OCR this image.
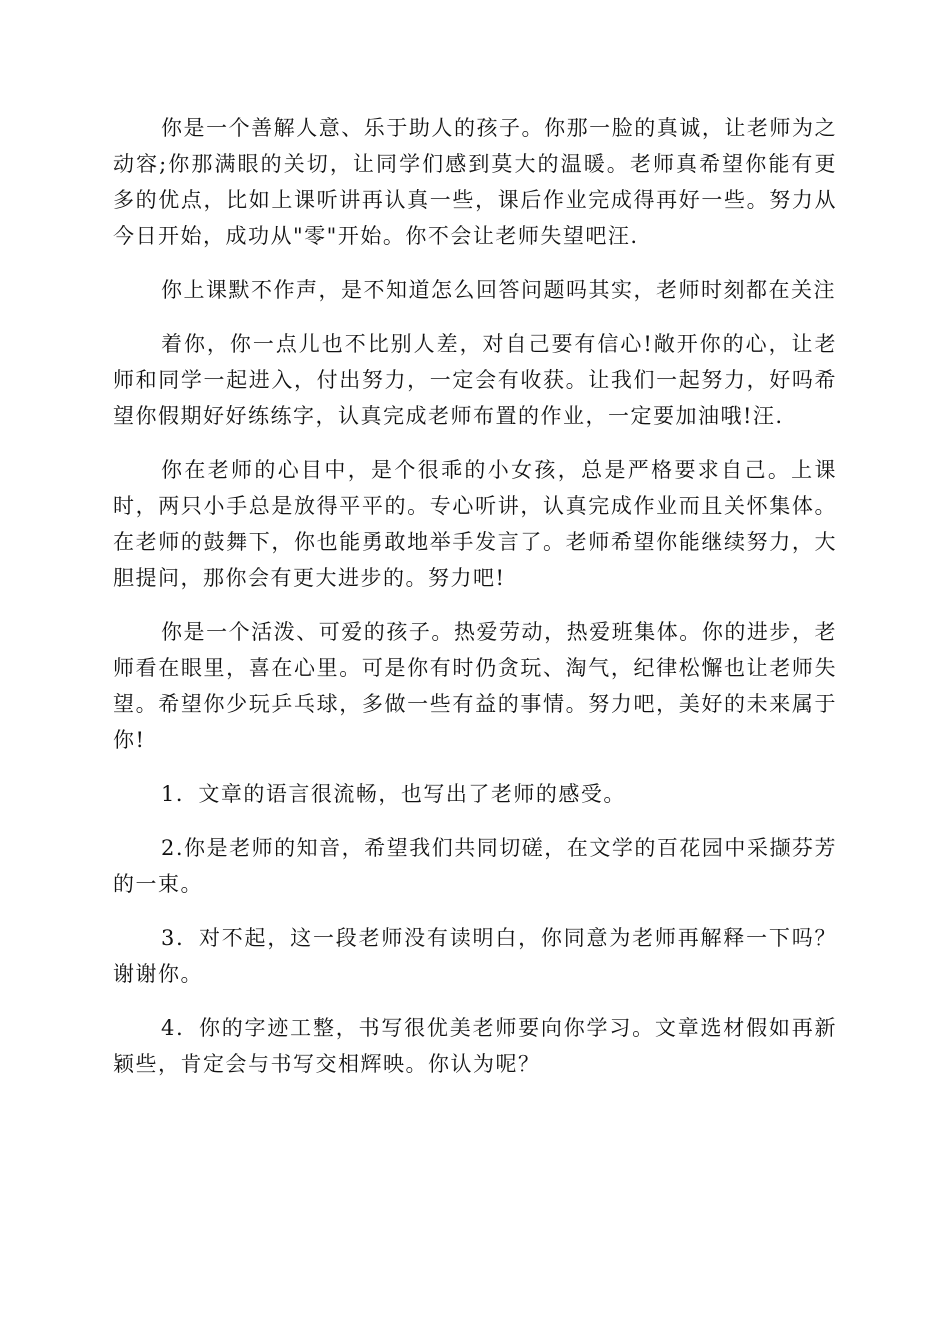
你是一个善解人意、乐于助人的孩子。你那一脸的真诚，让老师为之动容;你那满眼的关切，让同学们感到莫大的温暖。老师真希望你能有更多的优点，比如上课听讲再认真一些，课后作业完成得再好一些。努力从今日开始，成功从"零"开始。你不会让老师失望吧汪.

你上课默不作声，是不知道怎么回答问题吗其实，老师时刻都在关注

着你，你一点儿也不比别人差，对自己要有信心!敞开你的心，让老师和同学一起进入，付出努力，一定会有收获。让我们一起努力，好吗希望你假期好好练练字，认真完成老师布置的作业，一定要加油哦!汪.

你在老师的心目中，是个很乖的小女孩，总是严格要求自己。上课时，两只小手总是放得平平的。专心听讲，认真完成作业而且关怀集体。在老师的鼓舞下，你也能勇敢地举手发言了。老师希望你能继续努力，大胆提问，那你会有更大进步的。努力吧!

你是一个活泼、可爱的孩子。热爱劳动，热爱班集体。你的进步，老师看在眼里，喜在心里。可是你有时仍贪玩、淘气，纪律松懈也让老师失望。希望你少玩乒乓球，多做一些有益的事情。努力吧，美好的未来属于你!

1．文章的语言很流畅，也写出了老师的感受。

2.你是老师的知音，希望我们共同切磋，在文学的百花园中采撷芬芳的一束。

3．对不起，这一段老师没有读明白，你同意为老师再解释一下吗？谢谢你。

4．你的字迹工整，书写很优美老师要向你学习。文章选材假如再新颖些，肯定会与书写交相辉映。你认为呢？
